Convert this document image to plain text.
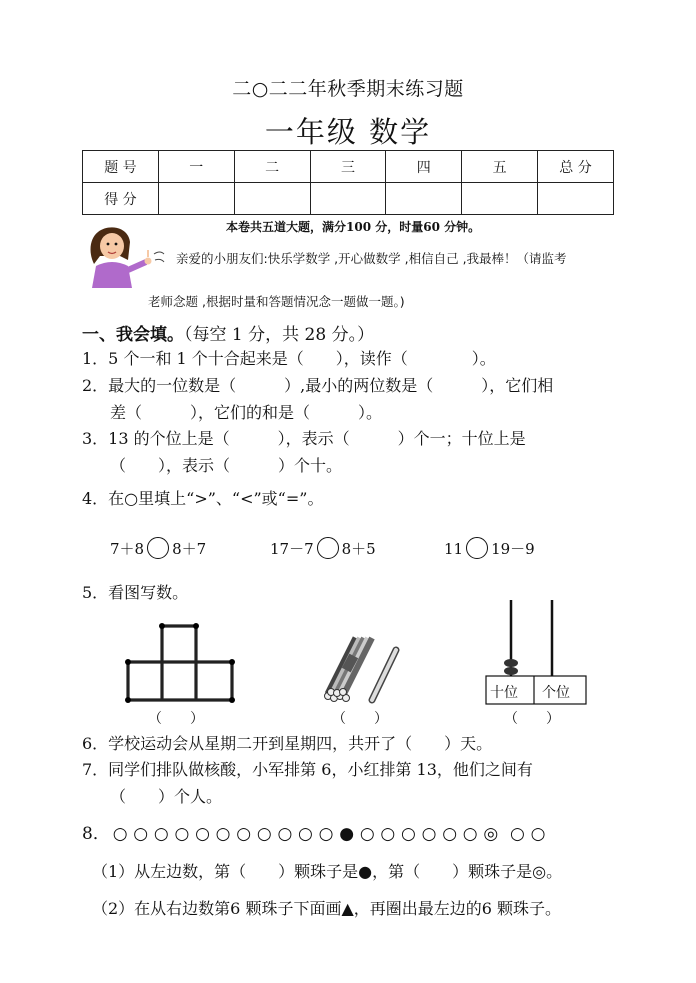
二○二二年秋季期末练习题
一年级 数学
题 号	一	二	三	四	五	总 分
得 分						
本卷共五道大题，满分100 分，时量60 分钟。
亲爱的小朋友们:快乐学数学 ,开心做数学 ,相信自己 ,我最棒！（请监考
老师念题 ,根据时量和答题情况念一题做一题。)
一、我会填。（每空 1 分，共 28 分。）
1．5 个一和 1 个十合起来是（　　），读作（　　　　）。
2．最大的一位数是（　　　）,最小的两位数是（　　　），它们相
差（　　　），它们的和是（　　　）。
3．13 的个位上是（　　　），表示（　　　）个一；十位上是
（　　），表示（　　　）个十。
4．在○里填上“>”、“<”或“=”。
7＋8 8＋7	17－7 8＋5	11 19－9
5．看图写数。
十位 个位
（　　）	（　　）	（　　）
6．学校运动会从星期二开到星期四，共开了（　　）天。
7．同学们排队做核酸，小军排第 6，小红排第 13，他们之间有
（　　）个人。
8． ○ ○ ○ ○ ○ ○ ○ ○ ○ ○ ○ ● ○ ○ ○ ○ ○ ○ ◎ ○ ○
（1）从左边数，第（　　）颗珠子是●，第（　　）颗珠子是◎。
（2）在从右边数第6 颗珠子下面画▲，再圈出最左边的6 颗珠子。
